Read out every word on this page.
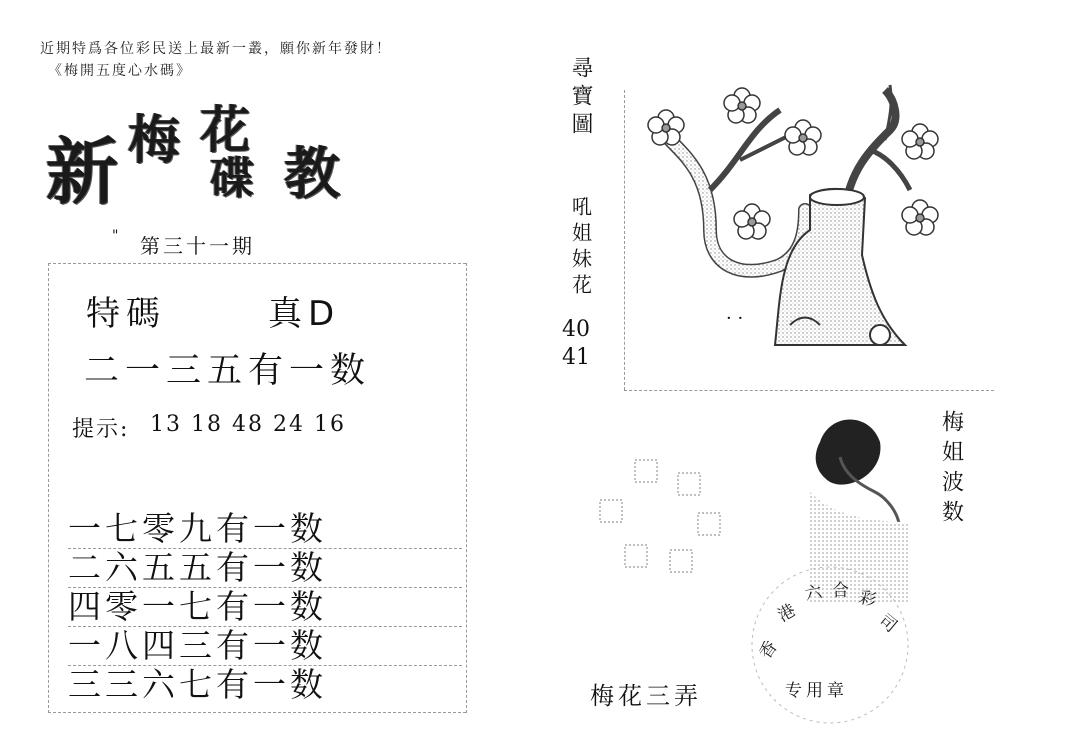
近期特爲各位彩民送上最新一叢，願你新年發財！
《梅開五度心水碼》
新 梅 花
碟 教
" 第三十一期
特碼	真D
二一三五有一数
提示: 13 18 48 24 16
一七零九有一数
二六五五有一数
四零一七有一数
一八四三有一数
三三六七有一数
尋寶圖
吼姐妹花
40
41
· ·
梅姐波数
香
港
六 合 彩
司
专用章
梅花三弄
